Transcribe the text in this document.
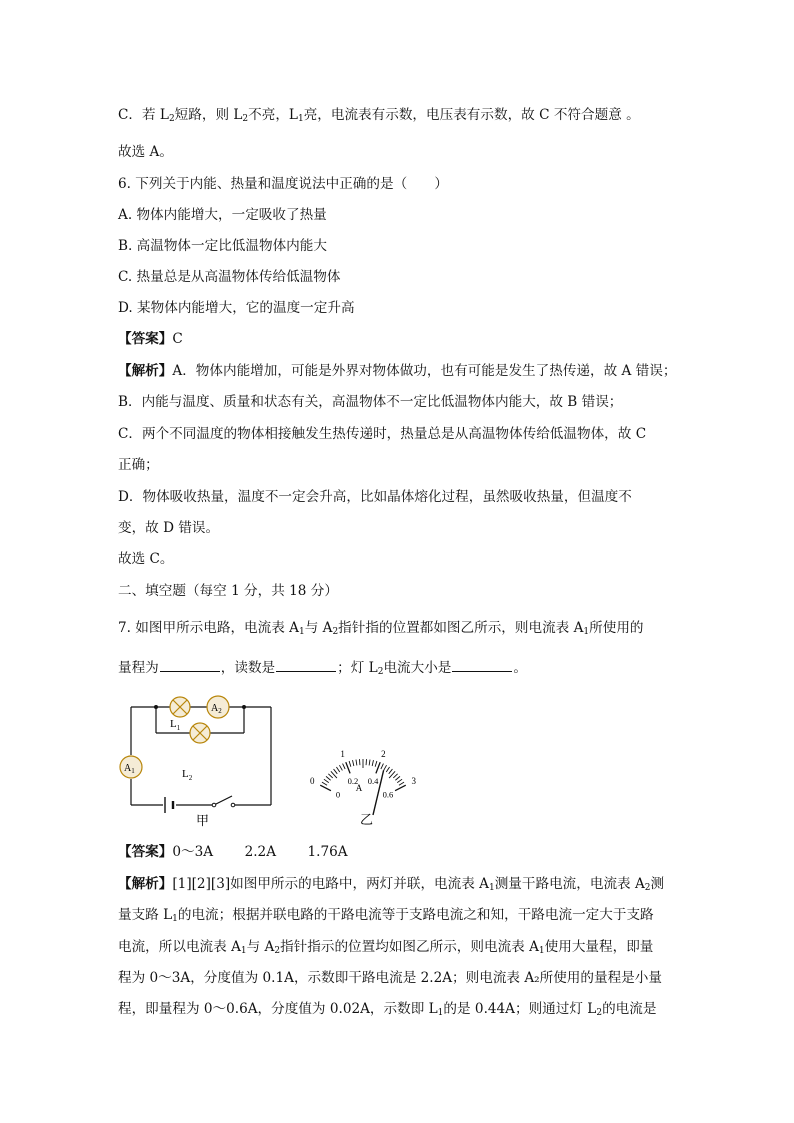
C．若 $L_2$短路，则 $L_2$不亮，$L_1$亮，电流表有示数，电压表有示数，故 C 不符合题意 。

故选 A。

6. 下列关于内能、热量和温度说法中正确的是（　　）

A. 物体内能增大，一定吸收了热量

B. 高温物体一定比低温物体内能大

C. 热量总是从高温物体传给低温物体

D. 某物体内能增大，它的温度一定升高

【答案】C

【解析】A．物体内能增加，可能是外界对物体做功，也有可能是发生了热传递，故 A 错误；

B．内能与温度、质量和状态有关，高温物体不一定比低温物体内能大，故 B 错误；

C．两个不同温度的物体相接触发生热传递时，热量总是从高温物体传给低温物体，故 C

正确；

D．物体吸收热量，温度不一定会升高，比如晶体熔化过程，虽然吸收热量，但温度不

变，故 D 错误。

故选 C。

二、填空题（每空 1 分，共 18 分）

7. 如图甲所示电路，电流表 $A_1$与 $A_2$指针指的位置都如图乙所示，则电流表 $A_1$所使用的

量程为	，读数是	；灯 $L_2$电流大小是	。

$L_1$
$A_2$
$L_2$
$A_1$
甲
0
1	2
3
0
0.2 0.4
0.6
A
乙

【答案】0～3A　　 2.2A　　 1.76A

【解析】[1][2][3]如图甲所示的电路中，两灯并联，电流表 $A_1$测量干路电流，电流表 $A_2$测

量支路 $L_1$的电流；根据并联电路的干路电流等于支路电流之和知，干路电流一定大于支路

电流，所以电流表 $A_1$与 $A_2$指针指示的位置均如图乙所示，则电流表 $A_1$使用大量程，即量

程为 0～3A，分度值为 0.1A，示数即干路电流是 2.2A；则电流表 A₂所使用的量程是小量

程，即量程为 0～0.6A，分度值为 0.02A，示数即 $L_1$的是 0.44A；则通过灯 $L_2$的电流是
